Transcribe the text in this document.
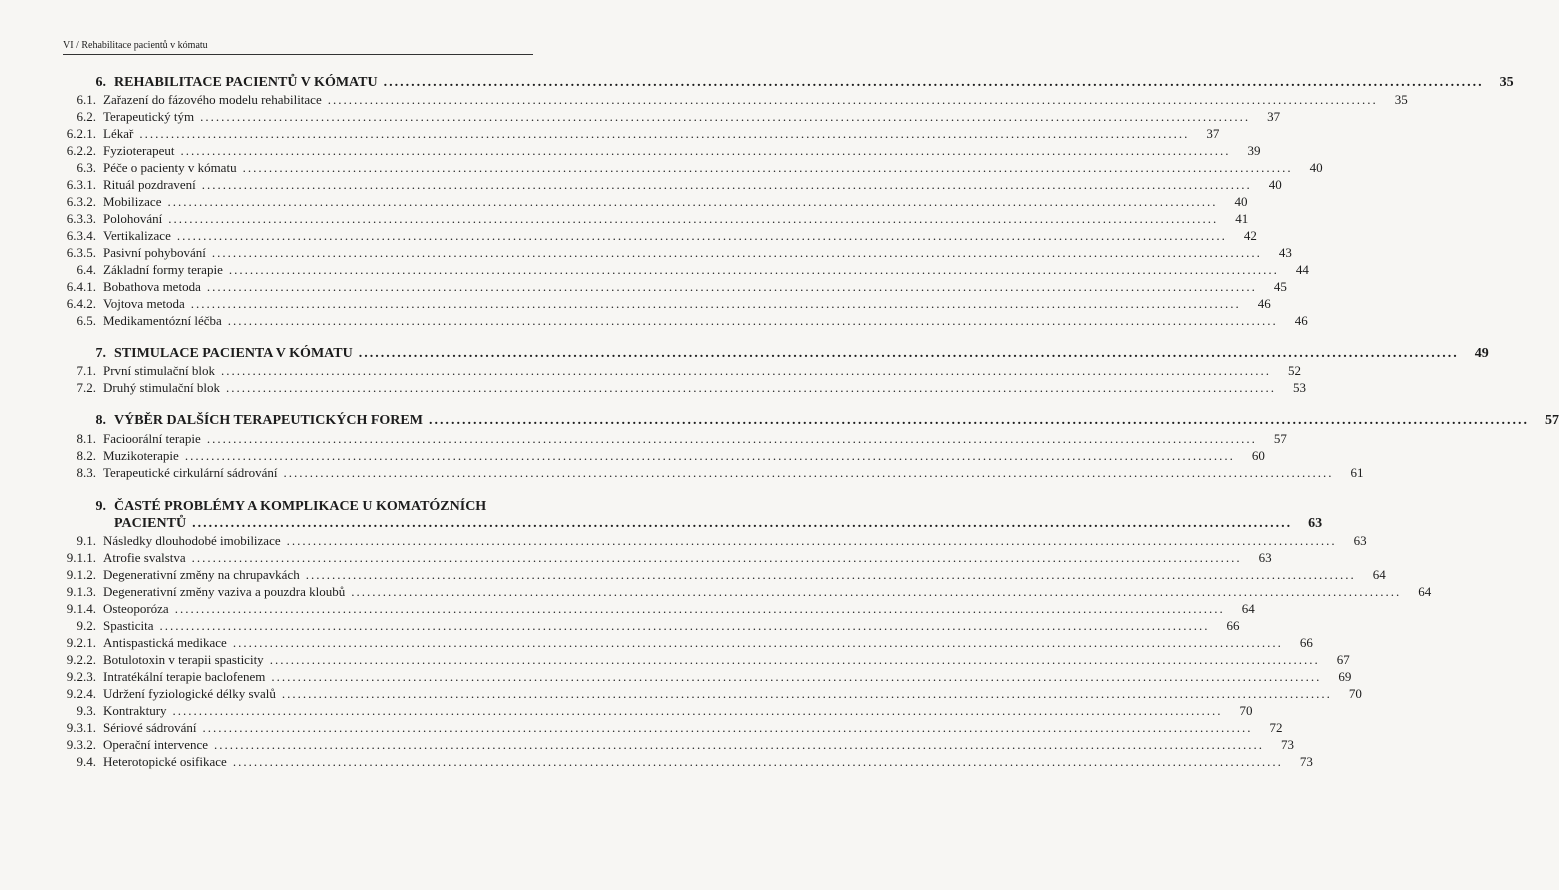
VI / Rehabilitace pacientů v kómatu
6. REHABILITACE PACIENTŮ V KÓMATU ........................................................................................................................................................................................................	35
6.1. Zařazení do fázového modelu rehabilitace ........................................................................................................................................................................................................	35
6.2. Terapeutický tým ........................................................................................................................................................................................................	37
6.2.1. Lékař ........................................................................................................................................................................................................	37
6.2.2. Fyzioterapeut ........................................................................................................................................................................................................	39
6.3. Péče o pacienty v kómatu ........................................................................................................................................................................................................	40
6.3.1. Rituál pozdravení ........................................................................................................................................................................................................	40
6.3.2. Mobilizace ........................................................................................................................................................................................................	40
6.3.3. Polohování ........................................................................................................................................................................................................	41
6.3.4. Vertikalizace ........................................................................................................................................................................................................	42
6.3.5. Pasivní pohybování ........................................................................................................................................................................................................	43
6.4. Základní formy terapie ........................................................................................................................................................................................................	44
6.4.1. Bobathova metoda ........................................................................................................................................................................................................	45
6.4.2. Vojtova metoda ........................................................................................................................................................................................................	46
6.5. Medikamentózní léčba ........................................................................................................................................................................................................	46
7. STIMULACE PACIENTA V KÓMATU ........................................................................................................................................................................................................	49
7.1. První stimulační blok ........................................................................................................................................................................................................	52
7.2. Druhý stimulační blok ........................................................................................................................................................................................................	53
8. VÝBĚR DALŠÍCH TERAPEUTICKÝCH FOREM ........................................................................................................................................................................................................	57
8.1. Facioorální terapie ........................................................................................................................................................................................................	57
8.2. Muzikoterapie ........................................................................................................................................................................................................	60
8.3. Terapeutické cirkulární sádrování ........................................................................................................................................................................................................	61
9. ČASTÉ PROBLÉMY A KOMPLIKACE U KOMATÓZNÍCH
PACIENTŮ ........................................................................................................................................................................................................	63
9.1. Následky dlouhodobé imobilizace ........................................................................................................................................................................................................	63
9.1.1. Atrofie svalstva ........................................................................................................................................................................................................	63
9.1.2. Degenerativní změny na chrupavkách ........................................................................................................................................................................................................	64
9.1.3. Degenerativní změny vaziva a pouzdra kloubů ........................................................................................................................................................................................................	64
9.1.4. Osteoporóza ........................................................................................................................................................................................................	64
9.2. Spasticita ........................................................................................................................................................................................................	66
9.2.1. Antispastická medikace ........................................................................................................................................................................................................	66
9.2.2. Botulotoxin v terapii spasticity ........................................................................................................................................................................................................	67
9.2.3. Intratékální terapie baclofenem ........................................................................................................................................................................................................	69
9.2.4. Udržení fyziologické délky svalů ........................................................................................................................................................................................................	70
9.3. Kontraktury ........................................................................................................................................................................................................	70
9.3.1. Sériové sádrování ........................................................................................................................................................................................................	72
9.3.2. Operační intervence ........................................................................................................................................................................................................	73
9.4. Heterotopické osifikace ........................................................................................................................................................................................................	73
